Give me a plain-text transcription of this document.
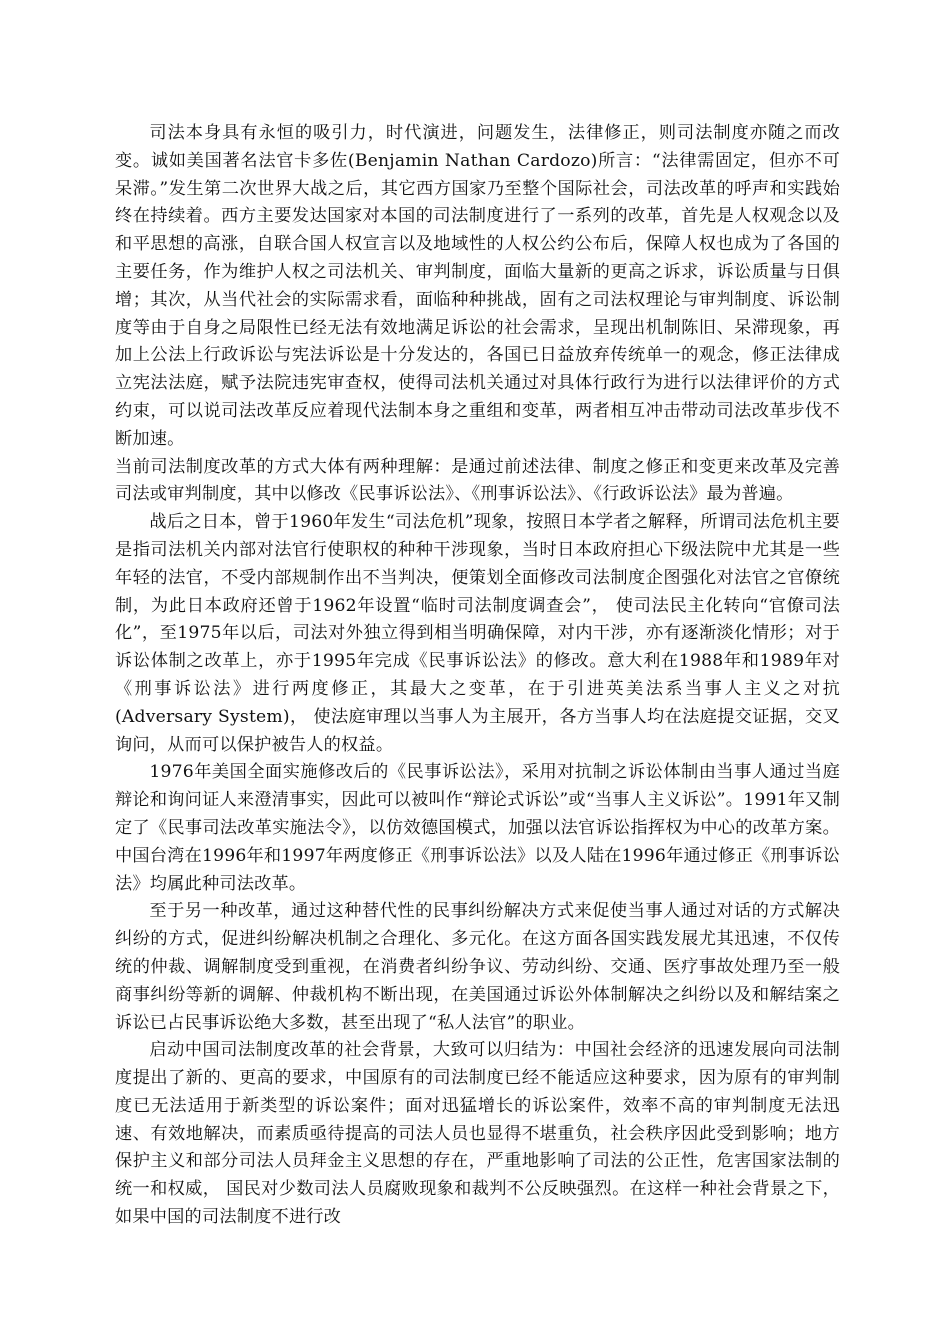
司法本身具有永恒的吸引力，时代演进，问题发生，法律修正，则司法制度亦随之而改变。诚如美国著名法官卡多佐(Benjamin Nathan Cardozo)所言：“法律需固定，但亦不可呆滞。”发生第二次世界大战之后，其它西方国家乃至整个国际社会，司法改革的呼声和实践始终在持续着。西方主要发达国家对本国的司法制度进行了一系列的改革，首先是人权观念以及和平思想的高涨，自联合国人权宣言以及地域性的人权公约公布后，保障人权也成为了各国的主要任务，作为维护人权之司法机关、审判制度，面临大量新的更高之诉求，诉讼质量与日俱增；其次，从当代社会的实际需求看，面临种种挑战，固有之司法权理论与审判制度、诉讼制度等由于自身之局限性已经无法有效地满足诉讼的社会需求，呈现出机制陈旧、呆滞现象，再加上公法上行政诉讼与宪法诉讼是十分发达的，各国已日益放弃传统单一的观念，修正法律成立宪法法庭，赋予法院违宪审查权，使得司法机关通过对具体行政行为进行以法律评价的方式约束，可以说司法改革反应着现代法制本身之重组和变革，两者相互冲击带动司法改革步伐不断加速。

当前司法制度改革的方式大体有两种理解：是通过前述法律、制度之修正和变更来改革及完善司法或审判制度，其中以修改《民事诉讼法》、《刑事诉讼法》、《行政诉讼法》最为普遍。

战后之日本，曾于1960年发生“司法危机”现象，按照日本学者之解释，所谓司法危机主要是指司法机关内部对法官行使职权的种种干涉现象，当时日本政府担心下级法院中尤其是一些年轻的法官，不受内部规制作出不当判决，便策划全面修改司法制度企图强化对法官之官僚统制，为此日本政府还曾于1962年设置“临时司法制度调查会”， 使司法民主化转向“官僚司法化”，至1975年以后，司法对外独立得到相当明确保障，对内干涉，亦有逐渐淡化情形；对于诉讼体制之改革上，亦于1995年完成《民事诉讼法》的修改。意大利在1988年和1989年对《刑事诉讼法》进行两度修正，其最大之变革，在于引进英美法系当事人主义之对抗(Adversary System)， 使法庭审理以当事人为主展开，各方当事人均在法庭提交证据，交叉询问，从而可以保护被告人的权益。

1976年美国全面实施修改后的《民事诉讼法》，采用对抗制之诉讼体制由当事人通过当庭辩论和询问证人来澄清事实，因此可以被叫作“辩论式诉讼”或“当事人主义诉讼”。1991年又制定了《民事司法改革实施法令》，以仿效德国模式，加强以法官诉讼指挥权为中心的改革方案。中国台湾在1996年和1997年两度修正《刑事诉讼法》以及人陆在1996年通过修正《刑事诉讼法》均属此种司法改革。

至于另一种改革，通过这种替代性的民事纠纷解决方式来促使当事人通过对话的方式解决纠纷的方式，促进纠纷解决机制之合理化、多元化。在这方面各国实践发展尤其迅速，不仅传统的仲裁、调解制度受到重视，在消费者纠纷争议、劳动纠纷、交通、医疗事故处理乃至一般商事纠纷等新的调解、仲裁机构不断出现，在美国通过诉讼外体制解决之纠纷以及和解结案之诉讼已占民事诉讼绝大多数，甚至出现了“私人法官”的职业。

启动中国司法制度改革的社会背景，大致可以归结为：中国社会经济的迅速发展向司法制度提出了新的、更高的要求，中国原有的司法制度已经不能适应这种要求，因为原有的审判制度已无法适用于新类型的诉讼案件；面对迅猛增长的诉讼案件，效率不高的审判制度无法迅速、有效地解决，而素质亟待提高的司法人员也显得不堪重负，社会秩序因此受到影响；地方保护主义和部分司法人员拜金主义思想的存在，严重地影响了司法的公正性，危害国家法制的统一和权威， 国民对少数司法人员腐败现象和裁判不公反映强烈。在这样一种社会背景之下，如果中国的司法制度不进行改
